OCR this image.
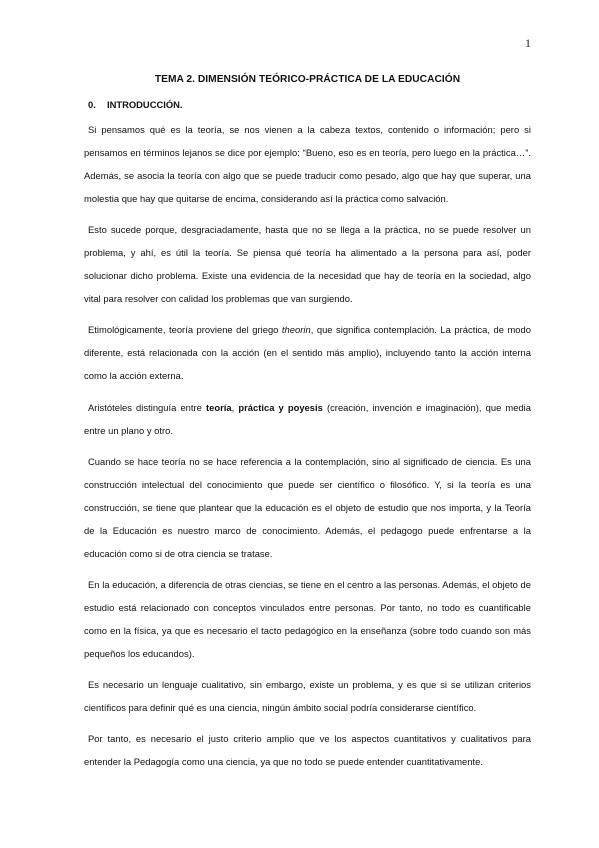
1
TEMA 2. DIMENSIÓN TEÓRICO-PRÁCTICA DE LA EDUCACIÓN
0. INTRODUCCIÓN.

Si pensamos qué es la teoría, se nos vienen a la cabeza textos, contenido o información; pero si pensamos en términos lejanos se dice por ejemplo: “Bueno, eso es en teoría, pero luego en la práctica…”. Además, se asocia la teoría con algo que se puede traducir como pesado, algo que hay que superar, una molestia que hay que quitarse de encima, considerando así la práctica como salvación.

Esto sucede porque, desgraciadamente, hasta que no se llega a la práctica, no se puede resolver un problema, y ahí, es útil la teoría. Se piensa qué teoría ha alimentado a la persona para así, poder solucionar dicho problema. Existe una evidencia de la necesidad que hay de teoría en la sociedad, algo vital para resolver con calidad los problemas que van surgiendo.

Etimológicamente, teoría proviene del griego theorin, que significa contemplación. La práctica, de modo diferente, está relacionada con la acción (en el sentido más amplio), incluyendo tanto la acción interna como la acción externa.

Aristóteles distinguía entre teoría, práctica y poyesis (creación, invención e imaginación), que media entre un plano y otro.

Cuando se hace teoría no se hace referencia a la contemplación, sino al significado de ciencia. Es una construcción intelectual del conocimiento que puede ser científico o filosófico. Y, si la teoría es una construcción, se tiene que plantear que la educación es el objeto de estudio que nos importa, y la Teoría de la Educación es nuestro marco de conocimiento. Además, el pedagogo puede enfrentarse a la educación como si de otra ciencia se tratase.

En la educación, a diferencia de otras ciencias, se tiene en el centro a las personas. Además, el objeto de estudio está relacionado con conceptos vinculados entre personas. Por tanto, no todo es cuantificable como en la física, ya que es necesario el tacto pedagógico en la enseñanza (sobre todo cuando son más pequeños los educandos).

Es necesario un lenguaje cualitativo, sin embargo, existe un problema, y es que si se utilizan criterios científicos para definir qué es una ciencia, ningún ámbito social podría considerarse científico.

Por tanto, es necesario el justo criterio amplio que ve los aspectos cuantitativos y cualitativos para entender la Pedagogía como una ciencia, ya que no todo se puede entender cuantitativamente.
